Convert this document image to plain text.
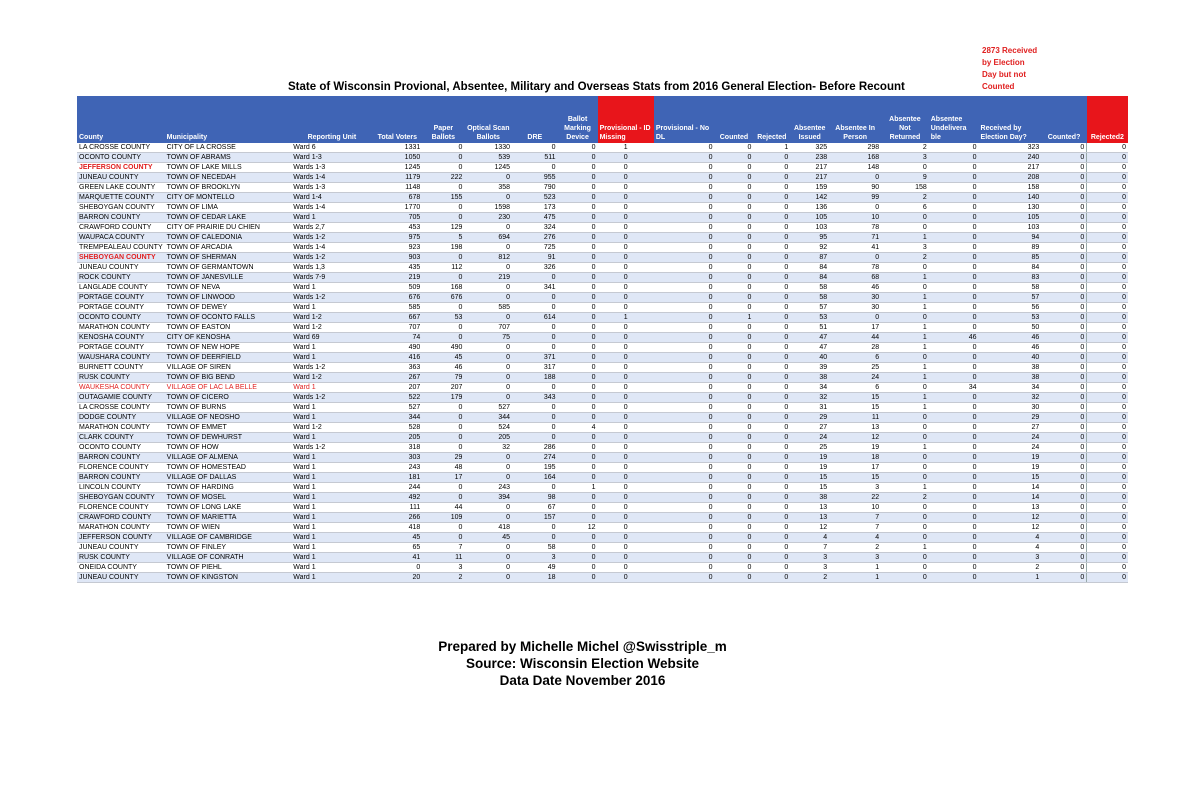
2873 Received
by Election
Day but not
Counted
State of Wisconsin Provional, Absentee, Military and Overseas Stats from 2016 General Election- Before Recount
County	Municipality	Reporting Unit	Total Voters	Paper Ballots	Optical Scan Ballots	DRE	Ballot Marking Device	Provisional - ID Missing	Provisional - No DL	Counted	Rejected	Absentee Issued	Absentee In Person	Absentee Not Returned	Absentee Undelivera ble	Received by Election Day?	Counted?	Rejected2
LA CROSSE COUNTY	CITY OF LA CROSSE	Ward 6	1331	0	1330	0	0	1	0	0	1	325	298	2	0	323	0	0
OCONTO COUNTY	TOWN OF ABRAMS	Ward 1-3	1050	0	539	511	0	0	0	0	0	238	168	3	0	240	0	0
JEFFERSON COUNTY	TOWN OF LAKE MILLS	Wards 1-3	1245	0	1245	0	0	0	0	0	0	217	148	0	0	217	0	0
JUNEAU COUNTY	TOWN OF NECEDAH	Wards 1-4	1179	222	0	955	0	0	0	0	0	217	0	9	0	208	0	0
GREEN LAKE COUNTY	TOWN OF BROOKLYN	Wards 1-3	1148	0	358	790	0	0	0	0	0	159	90	158	0	158	0	0
MARQUETTE COUNTY	CITY OF MONTELLO	Ward 1-4	678	155	0	523	0	0	0	0	0	142	99	2	0	140	0	0
SHEBOYGAN COUNTY	TOWN OF LIMA	Wards 1-4	1770	0	1598	173	0	0	0	0	0	136	0	6	0	130	0	0
BARRON COUNTY	TOWN OF CEDAR LAKE	Ward 1	705	0	230	475	0	0	0	0	0	105	10	0	0	105	0	0
CRAWFORD COUNTY	CITY OF PRAIRIE DU CHIEN	Wards 2,7	453	129	0	324	0	0	0	0	0	103	78	0	0	103	0	0
WAUPACA COUNTY	TOWN OF CALEDONIA	Wards 1-2	975	5	694	276	0	0	0	0	0	95	71	1	0	94	0	0
TREMPEALEAU COUNTY	TOWN OF ARCADIA	Wards 1-4	923	198	0	725	0	0	0	0	0	92	41	3	0	89	0	0
SHEBOYGAN COUNTY	TOWN OF SHERMAN	Wards 1-2	903	0	812	91	0	0	0	0	0	87	0	2	0	85	0	0
JUNEAU COUNTY	TOWN OF GERMANTOWN	Wards 1,3	435	112	0	326	0	0	0	0	0	84	78	0	0	84	0	0
ROCK COUNTY	TOWN OF JANESVILLE	Wards 7-9	219	0	219	0	0	0	0	0	0	84	68	1	0	83	0	0
LANGLADE COUNTY	TOWN OF NEVA	Ward 1	509	168	0	341	0	0	0	0	0	58	46	0	0	58	0	0
PORTAGE COUNTY	TOWN OF LINWOOD	Wards 1-2	676	676	0	0	0	0	0	0	0	58	30	1	0	57	0	0
PORTAGE COUNTY	TOWN OF DEWEY	Ward 1	585	0	585	0	0	0	0	0	0	57	30	1	0	56	0	0
OCONTO COUNTY	TOWN OF OCONTO FALLS	Ward 1-2	667	53	0	614	0	1	0	1	0	53	0	0	0	53	0	0
MARATHON COUNTY	TOWN OF EASTON	Ward 1-2	707	0	707	0	0	0	0	0	0	51	17	1	0	50	0	0
KENOSHA COUNTY	CITY OF KENOSHA	Ward 69	74	0	75	0	0	0	0	0	0	47	44	1	46	46	0	0
PORTAGE COUNTY	TOWN OF NEW HOPE	Ward 1	490	490	0	0	0	0	0	0	0	47	28	1	0	46	0	0
WAUSHARA COUNTY	TOWN OF DEERFIELD	Ward 1	416	45	0	371	0	0	0	0	0	40	6	0	0	40	0	0
BURNETT COUNTY	VILLAGE OF SIREN	Wards 1-2	363	46	0	317	0	0	0	0	0	39	25	1	0	38	0	0
RUSK COUNTY	TOWN OF BIG BEND	Ward 1-2	267	79	0	188	0	0	0	0	0	38	24	1	0	38	0	0
WAUKESHA COUNTY	VILLAGE OF LAC LA BELLE	Ward 1	207	207	0	0	0	0	0	0	0	34	6	0	34	34	0	0
OUTAGAMIE COUNTY	TOWN OF CICERO	Wards 1-2	522	179	0	343	0	0	0	0	0	32	15	1	0	32	0	0
LA CROSSE COUNTY	TOWN OF BURNS	Ward 1	527	0	527	0	0	0	0	0	0	31	15	1	0	30	0	0
DODGE COUNTY	VILLAGE OF NEOSHO	Ward 1	344	0	344	0	0	0	0	0	0	29	11	0	0	29	0	0
MARATHON COUNTY	TOWN OF EMMET	Ward 1-2	528	0	524	0	4	0	0	0	0	27	13	0	0	27	0	0
CLARK COUNTY	TOWN OF DEWHURST	Ward 1	205	0	205	0	0	0	0	0	0	24	12	0	0	24	0	0
OCONTO COUNTY	TOWN OF HOW	Wards 1-2	318	0	32	286	0	0	0	0	0	25	19	1	0	24	0	0
BARRON COUNTY	VILLAGE OF ALMENA	Ward 1	303	29	0	274	0	0	0	0	0	19	18	0	0	19	0	0
FLORENCE COUNTY	TOWN OF HOMESTEAD	Ward 1	243	48	0	195	0	0	0	0	0	19	17	0	0	19	0	0
BARRON COUNTY	VILLAGE OF DALLAS	Ward 1	181	17	0	164	0	0	0	0	0	15	15	0	0	15	0	0
LINCOLN COUNTY	TOWN OF HARDING	Ward 1	244	0	243	0	1	0	0	0	0	15	3	1	0	14	0	0
SHEBOYGAN COUNTY	TOWN OF MOSEL	Ward 1	492	0	394	98	0	0	0	0	0	38	22	2	0	14	0	0
FLORENCE COUNTY	TOWN OF LONG LAKE	Ward 1	111	44	0	67	0	0	0	0	0	13	10	0	0	13	0	0
CRAWFORD COUNTY	TOWN OF MARIETTA	Ward 1	266	109	0	157	0	0	0	0	0	13	7	0	0	12	0	0
MARATHON COUNTY	TOWN OF WIEN	Ward 1	418	0	418	0	12	0	0	0	0	12	7	0	0	12	0	0
JEFFERSON COUNTY	VILLAGE OF CAMBRIDGE	Ward 1	45	0	45	0	0	0	0	0	0	4	4	0	0	4	0	0
JUNEAU COUNTY	TOWN OF FINLEY	Ward 1	65	7	0	58	0	0	0	0	0	7	2	1	0	4	0	0
RUSK COUNTY	VILLAGE OF CONRATH	Ward 1	41	11	0	3	0	0	0	0	0	3	3	0	0	3	0	0
ONEIDA COUNTY	TOWN OF PIEHL	Ward 1	0	3	0	49	0	0	0	0	0	3	1	0	0	2	0	0
JUNEAU COUNTY	TOWN OF KINGSTON	Ward 1	20	2	0	18	0	0	0	0	0	2	1	0	0	1	0	0
Prepared by Michelle Michel @Swisstriple_m
Source: Wisconsin Election Website
Data Date November 2016
